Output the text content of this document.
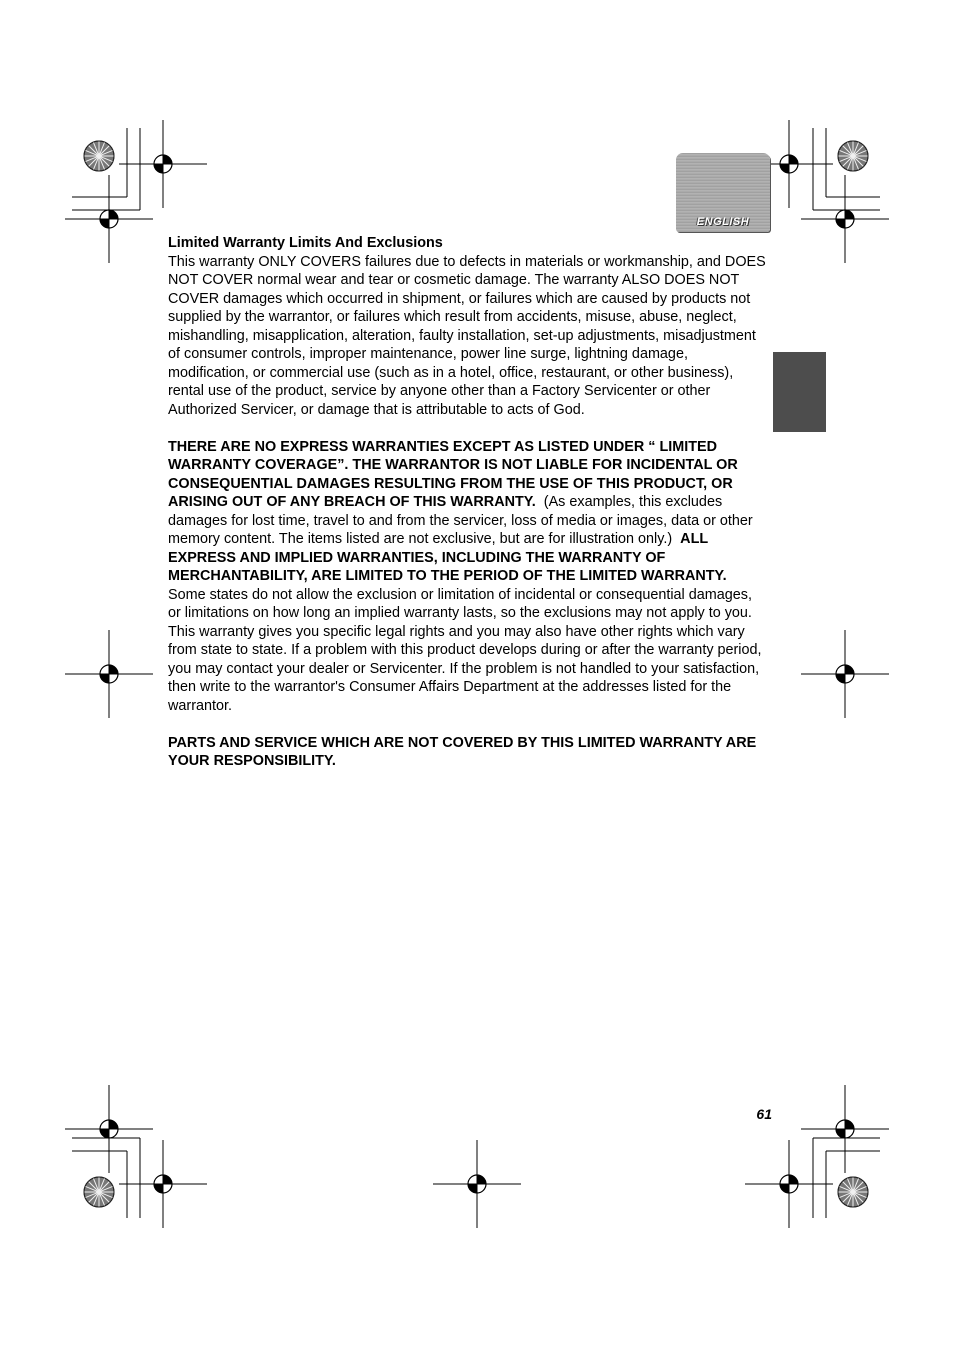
ENGLISH

Limited Warranty Limits And Exclusions

This warranty ONLY COVERS failures due to defects in materials or workmanship, and DOES NOT COVER normal wear and tear or cosmetic damage. The warranty ALSO DOES NOT COVER damages which occurred in shipment, or failures which are caused by products not supplied by the warrantor, or failures which result from accidents, misuse, abuse, neglect, mishandling, misapplication, alteration, faulty installation, set-up adjustments, misadjustment of consumer controls, improper maintenance, power line surge, lightning damage, modification, or commercial use (such as in a hotel, office, restaurant, or other business), rental use of the product, service by anyone other than a Factory Servicenter or other Authorized Servicer, or damage that is attributable to acts of God.

THERE ARE NO EXPRESS WARRANTIES EXCEPT AS LISTED UNDER “ LIMITED WARRANTY COVERAGE”. THE WARRANTOR IS NOT LIABLE FOR INCIDENTAL OR CONSEQUENTIAL DAMAGES RESULTING FROM THE USE OF THIS PRODUCT, OR ARISING OUT OF ANY BREACH OF THIS WARRANTY. (As examples, this excludes damages for lost time, travel to and from the servicer, loss of media or images, data or other memory content. The items listed are not exclusive, but are for illustration only.) ALL EXPRESS AND IMPLIED WARRANTIES, INCLUDING THE WARRANTY OF MERCHANTABILITY, ARE LIMITED TO THE PERIOD OF THE LIMITED WARRANTY. Some states do not allow the exclusion or limitation of incidental or consequential damages, or limitations on how long an implied warranty lasts, so the exclusions may not apply to you. This warranty gives you specific legal rights and you may also have other rights which vary from state to state. If a problem with this product develops during or after the warranty period, you may contact your dealer or Servicenter. If the problem is not handled to your satisfaction, then write to the warrantor's Consumer Affairs Department at the addresses listed for the warrantor.

PARTS AND SERVICE WHICH ARE NOT COVERED BY THIS LIMITED WARRANTY ARE YOUR RESPONSIBILITY.

61
